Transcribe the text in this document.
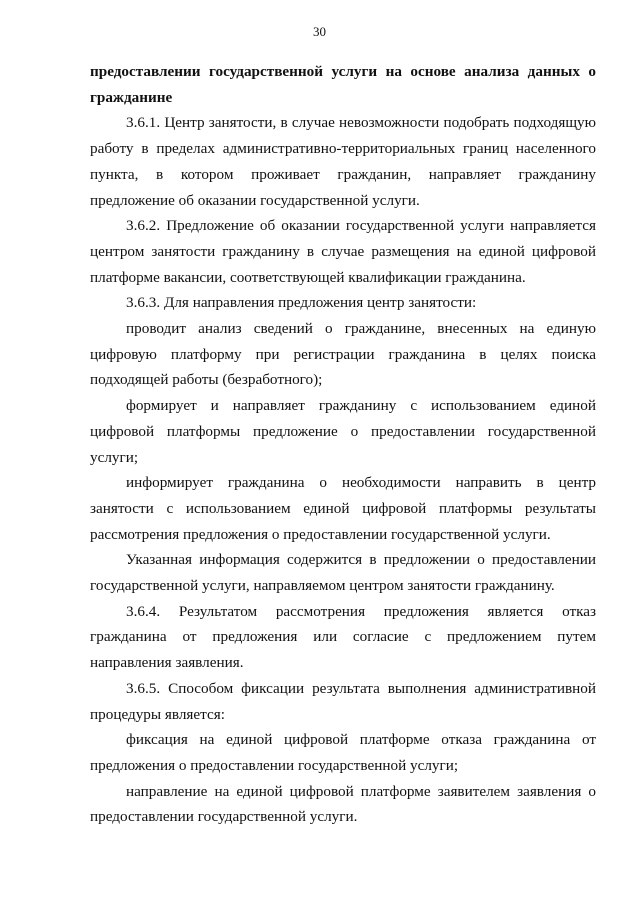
30

предоставлении государственной услуги на основе анализа данных о гражданине

3.6.1. Центр занятости, в случае невозможности подобрать подходящую работу в пределах административно-территориальных границ населенного пункта, в котором проживает гражданин, направляет гражданину предложение об оказании государственной услуги.

3.6.2. Предложение об оказании государственной услуги направляется центром занятости гражданину в случае размещения на единой цифровой платформе вакансии, соответствующей квалификации гражданина.

3.6.3. Для направления предложения центр занятости:

проводит анализ сведений о гражданине, внесенных на единую цифровую платформу при регистрации гражданина в целях поиска подходящей работы (безработного);

формирует и направляет гражданину с использованием единой цифровой платформы предложение о предоставлении государственной услуги;

информирует гражданина о необходимости направить в центр занятости с использованием единой цифровой платформы результаты рассмотрения предложения о предоставлении государственной услуги.

Указанная информация содержится в предложении о предоставлении государственной услуги, направляемом центром занятости гражданину.

3.6.4. Результатом рассмотрения предложения является отказ гражданина от предложения или согласие с предложением путем направления заявления.

3.6.5. Способом фиксации результата выполнения административной процедуры является:

фиксация на единой цифровой платформе отказа гражданина от предложения о предоставлении государственной услуги;

направление на единой цифровой платформе заявителем заявления о предоставлении государственной услуги.
